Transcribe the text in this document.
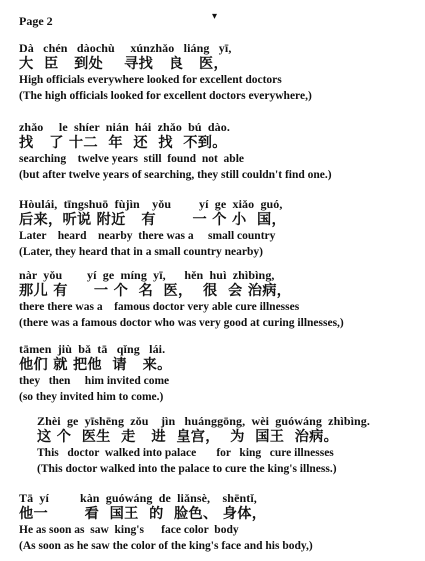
Page 2	▾
Dà   chén   dàochù     xúnzhǎo   liáng   yī,
大  臣   到处    寻找   良   医，
High officials everywhere looked for excellent doctors
(The high officials looked for excellent doctors everywhere,)
zhǎo     le  shíer  nián  hái  zhǎo  bú  dào.
找   了 十二  年  还  找  不到。
searching    twelve years  still  found  not  able
(but after twelve years of searching, they still couldn't find one.)
Hòulái,  tīngshuō  fùjìn    yǒu         yí  ge  xiǎo  guó,
后来，听说 附近   有       一 个 小  国，
Later    heard    nearby  there was a     small country
(Later, they heard that in a small country nearby)
nàr  yǒu        yí  ge  míng  yī,      hěn  huì  zhìbìng,
那儿 有     一 个  名  医，  很  会 治病，
there there was a    famous doctor very able cure illnesses
(there was a famous doctor who was very good at curing illnesses,)
tāmen  jiù  bǎ  tā   qǐng   lái.
他们 就 把他  请   来。
they   then     him invited come
(so they invited him to come.)
Zhèi  ge  yīshēng  zǒu    jìn   huánggōng,  wèi  guówáng  zhìbìng.
这 个  医生  走   进  皇宫，  为  国王  治病。
This   doctor  walked into palace       for   king   cure illnesses
(This doctor walked into the palace to cure the king's illness.)
Tā  yí          kàn  guówáng  de  liǎnsè,    shēntǐ,
他一       看  国王  的  脸色、 身体，
He as soon as  saw  king's      face color  body
(As soon as he saw the color of the king's face and his body,)
